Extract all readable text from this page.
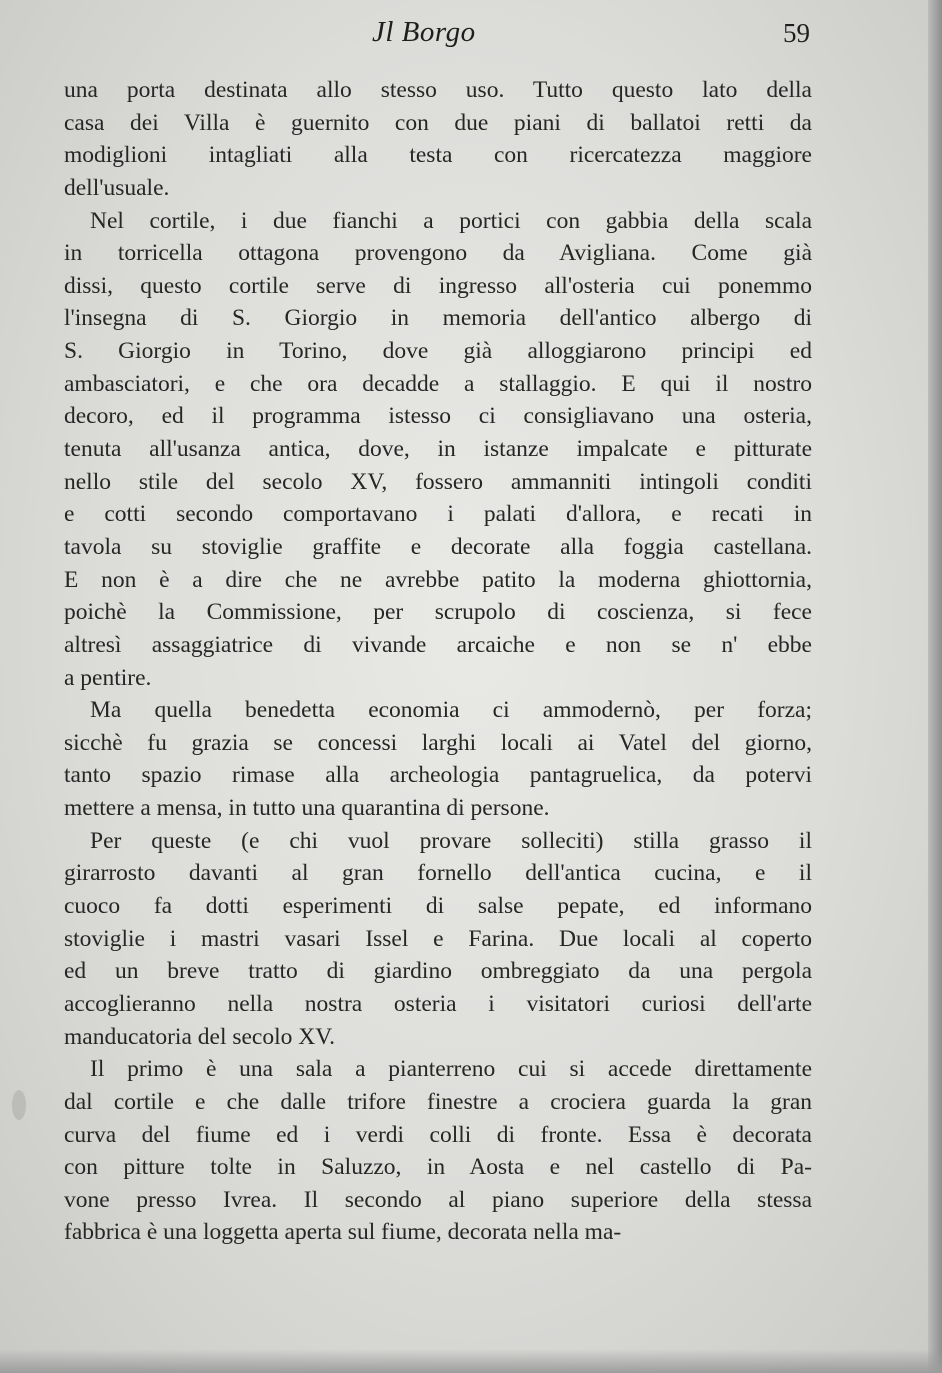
Jl Borgo	59
una porta destinata allo stesso uso. Tutto questo lato della
casa dei Villa è guernito con due piani di ballatoi retti da
modiglioni intagliati alla testa con ricercatezza maggiore
dell'usuale.
Nel cortile, i due fianchi a portici con gabbia della scala
in torricella ottagona provengono da Avigliana. Come già
dissi, questo cortile serve di ingresso all'osteria cui ponemmo
l'insegna di S. Giorgio in memoria dell'antico albergo di
S. Giorgio in Torino, dove già alloggiarono principi ed
ambasciatori, e che ora decadde a stallaggio. E qui il nostro
decoro, ed il programma istesso ci consigliavano una osteria,
tenuta all'usanza antica, dove, in istanze impalcate e pitturate
nello stile del secolo XV, fossero ammanniti intingoli conditi
e cotti secondo comportavano i palati d'allora, e recati in
tavola su stoviglie graffite e decorate alla foggia castellana.
E non è a dire che ne avrebbe patito la moderna ghiottornia,
poichè la Commissione, per scrupolo di coscienza, si fece
altresì assaggiatrice di vivande arcaiche e non se n' ebbe
a pentire.
Ma quella benedetta economia ci ammodernò, per forza;
sicchè fu grazia se concessi larghi locali ai Vatel del giorno,
tanto spazio rimase alla archeologia pantagruelica, da potervi
mettere a mensa, in tutto una quarantina di persone.
Per queste (e chi vuol provare solleciti) stilla grasso il
girarrosto davanti al gran fornello dell'antica cucina, e il
cuoco fa dotti esperimenti di salse pepate, ed informano
stoviglie i mastri vasari Issel e Farina. Due locali al coperto
ed un breve tratto di giardino ombreggiato da una pergola
accoglieranno nella nostra osteria i visitatori curiosi dell'arte
manducatoria del secolo XV.
Il primo è una sala a pianterreno cui si accede direttamente
dal cortile e che dalle trifore finestre a crociera guarda la gran
curva del fiume ed i verdi colli di fronte. Essa è decorata
con pitture tolte in Saluzzo, in Aosta e nel castello di Pa-
vone presso Ivrea. Il secondo al piano superiore della stessa
fabbrica è una loggetta aperta sul fiume, decorata nella ma-
